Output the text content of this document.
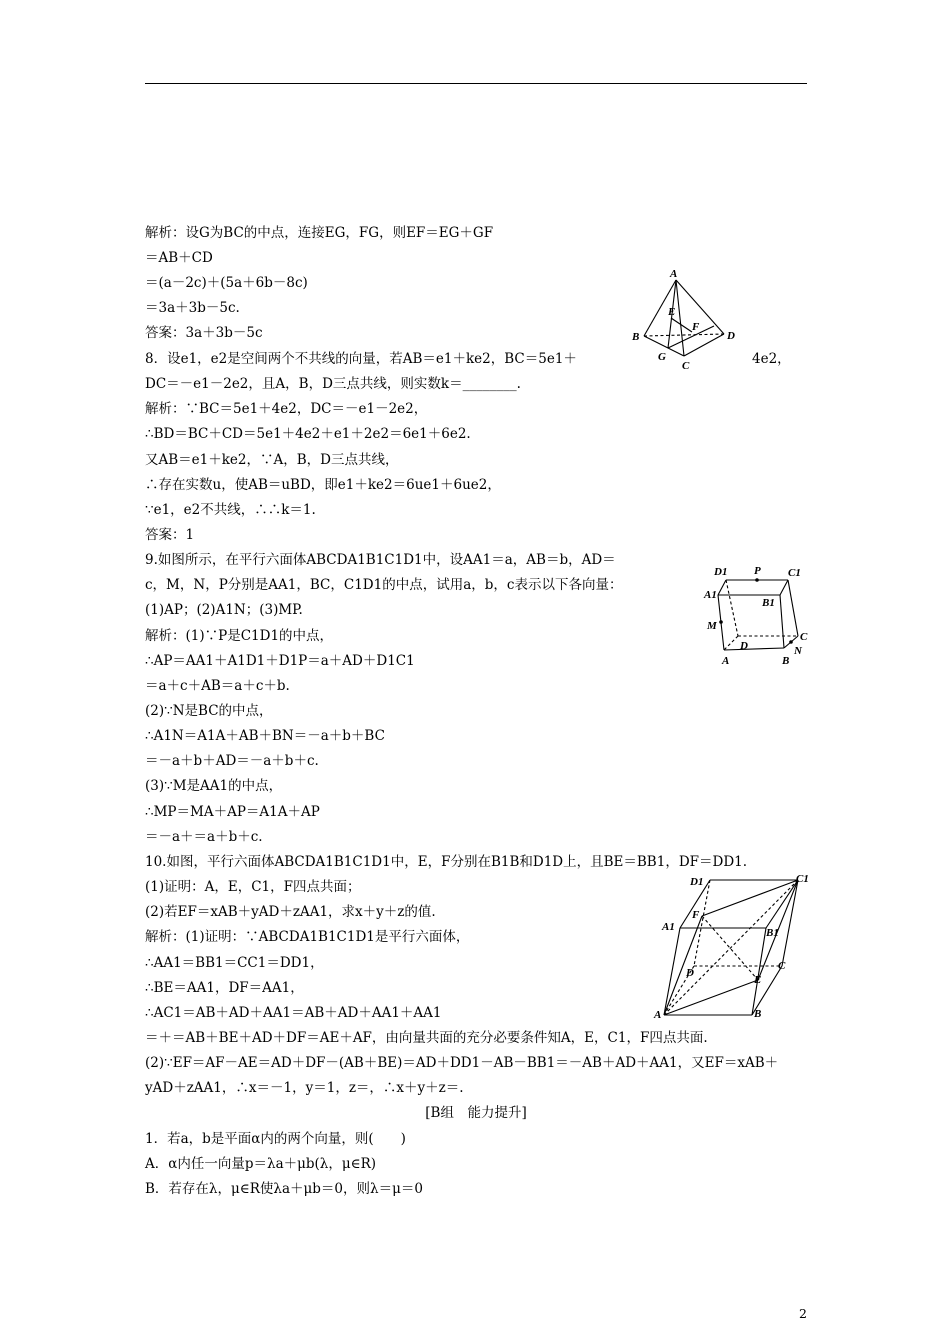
解析：设G为BC的中点，连接EG，FG，则EF＝EG＋GF
＝AB＋CD
＝(a－2c)＋(5a＋6b－8c)
＝3a＋3b－5c.
答案：3a＋3b－5c
8．设e1，e2是空间两个不共线的向量，若AB＝e1＋ke2，BC＝5e1＋	4e2，
DC＝－e1－2e2，且A，B，D三点共线，则实数k＝________.
解析：∵BC＝5e1＋4e2，DC＝－e1－2e2，
∴BD＝BC＋CD＝5e1＋4e2＋e1＋2e2＝6e1＋6e2.
又AB＝e1＋ke2，∵A，B，D三点共线，
∴存在实数u，使AB＝uBD，即e1＋ke2＝6ue1＋6ue2，
∵e1，e2不共线，∴∴k＝1.
答案：1
9.如图所示，在平行六面体ABCDA1B1C1D1中，设AA1＝a，AB＝b，AD＝
c，M，N，P分别是AA1，BC，C1D1的中点，试用a，b，c表示以下各向量：
(1)AP；(2)A1N；(3)MP.
解析：(1)∵P是C1D1的中点，
∴AP＝AA1＋A1D1＋D1P＝a＋AD＋D1C1
＝a＋c＋AB＝a＋c＋b.
(2)∵N是BC的中点，
∴A1N＝A1A＋AB＋BN＝－a＋b＋BC
＝－a＋b＋AD＝－a＋b＋c.
(3)∵M是AA1的中点，
∴MP＝MA＋AP＝A1A＋AP
＝－a＋＝a＋b＋c.
10.如图，平行六面体ABCDA1B1C1D1中，E，F分别在B1B和D1D上，且BE＝BB1，DF＝DD1.
(1)证明：A，E，C1，F四点共面；
(2)若EF＝xAB＋yAD＋zAA1，求x＋y＋z的值.
解析：(1)证明：∵ABCDA1B1C1D1是平行六面体，
∴AA1＝BB1＝CC1＝DD1，
∴BE＝AA1，DF＝AA1，
∴AC1＝AB＋AD＋AA1＝AB＋AD＋AA1＋AA1
＝＋＝AB＋BE＋AD＋DF＝AE＋AF，由向量共面的充分必要条件知A，E，C1，F四点共面.
(2)∵EF＝AF－AE＝AD＋DF－(AB＋BE)＝AD＋DD1－AB－BB1＝－AB＋AD＋AA1，又EF＝xAB＋
yAD＋zAA1，∴x＝－1，y＝1，z＝，∴x＋y＋z＝.
[B组　能力提升]
1．若a，b是平面α内的两个向量，则(　　)
A．α内任一向量p＝λa＋μb(λ，μ∈R)
B．若存在λ，μ∈R使λa＋μb＝0，则λ＝μ＝0
A
B
C
D
E
F
G
D1 P C1
A1
B1
M
D
C
A	B
N
D1	C1
F
A1	B1
D
C
E
A	B
2
